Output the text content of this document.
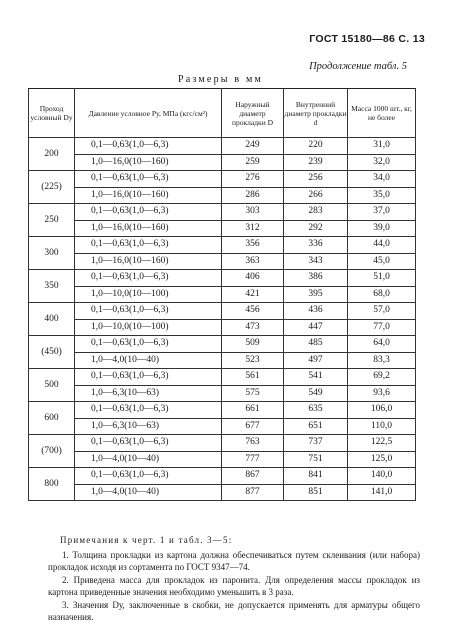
ГОСТ 15180—86 С. 13
Продолжение табл. 5
Размеры в мм
Проход условный Dу	Давление условное Pу, МПа (кгс/см²)	Наружный диаметр прокладки D	Внутренний диаметр прокладки d	Масса 1000 шт., кг, не более
200	0,1—0,63(1,0—6,3)	249	220	31,0
	1,0—16,0(10—160)	259	239	32,0
(225)	0,1—0,63(1,0—6,3)	276	256	34,0
	1,0—16,0(10—160)	286	266	35,0
250	0,1—0,63(1,0—6,3)	303	283	37,0
	1,0—16,0(10—160)	312	292	39,0
300	0,1—0,63(1,0—6,3)	356	336	44,0
	1,0—16,0(10—160)	363	343	45,0
350	0,1—0,63(1,0—6,3)	406	386	51,0
	1,0—10,0(10—100)	421	395	68,0
400	0,1—0,63(1,0—6,3)	456	436	57,0
	1,0—10,0(10—100)	473	447	77,0
(450)	0,1—0,63(1,0—6,3)	509	485	64,0
	1,0—4,0(10—40)	523	497	83,3
500	0,1—0,63(1,0—6,3)	561	541	69,2
	1,0—6,3(10—63)	575	549	93,6
600	0,1—0,63(1,0—6,3)	661	635	106,0
	1,0—6,3(10—63)	677	651	110,0
(700)	0,1—0,63(1,0—6,3)	763	737	122,5
	1,0—4,0(10—40)	777	751	125,0
800	0,1—0,63(1,0—6,3)	867	841	140,0
	1,0—4,0(10—40)	877	851	141,0
Примечания к черт. 1 и табл. 3—5:

1. Толщина прокладки из картона должна обеспечиваться путем склеивания (или набора) прокладок исходя из сортамента по ГОСТ 9347—74.

2. Приведена масса для прокладок из паронита. Для определения массы прокладок из картона приведенные значения необходимо уменьшить в 3 раза.

3. Значения Dу, заключенные в скобки, не допускается применять для арматуры общего назначения.
